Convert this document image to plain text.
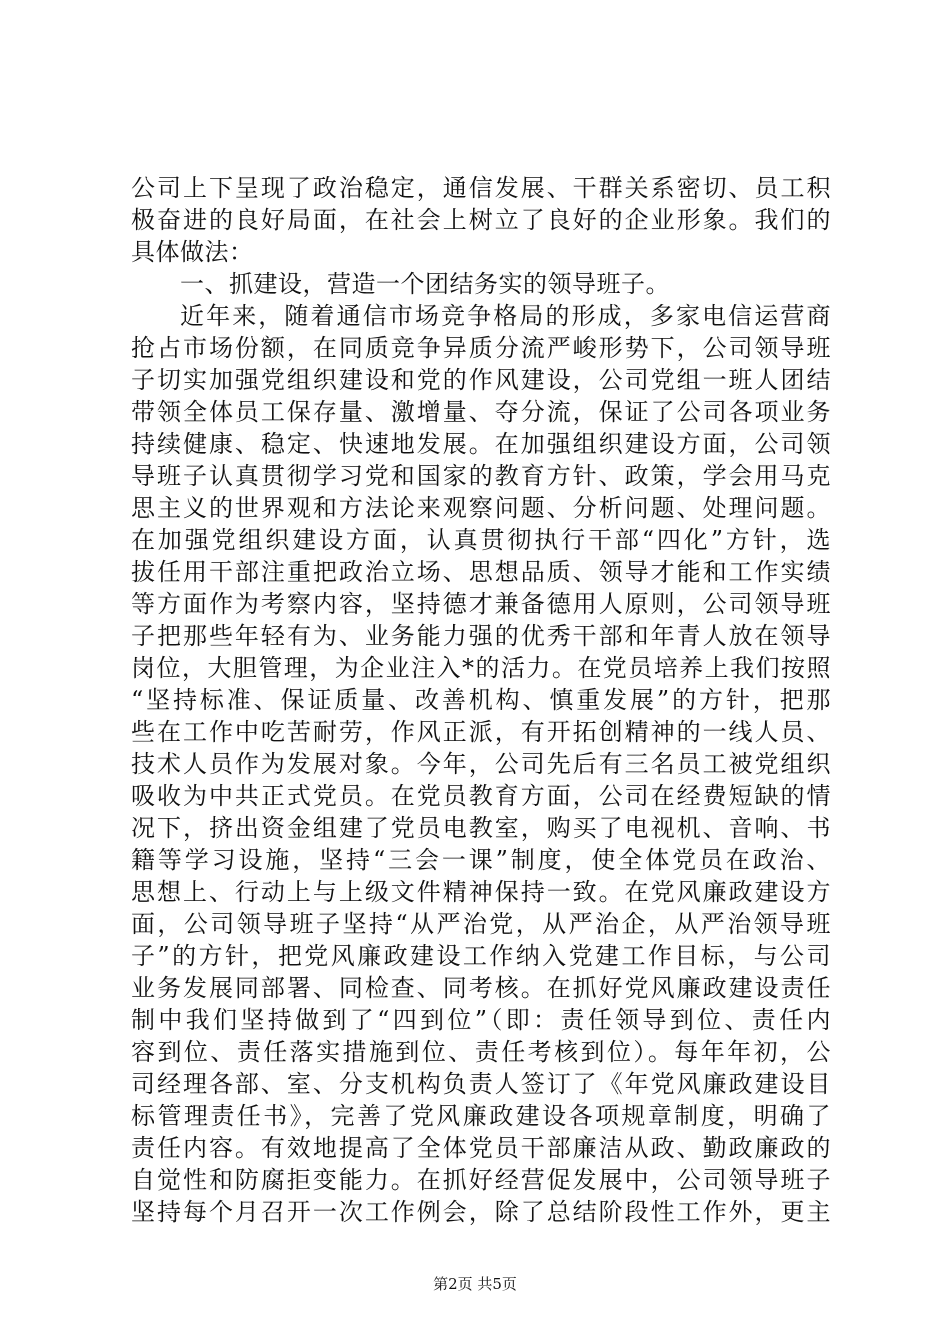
公司上下呈现了政治稳定，通信发展、干群关系密切、员工积
极奋进的良好局面，在社会上树立了良好的企业形象。我们的
具体做法：
一、抓建设，营造一个团结务实的领导班子。
近年来，随着通信市场竞争格局的形成，多家电信运营商
抢占市场份额，在同质竞争异质分流严峻形势下，公司领导班
子切实加强党组织建设和党的作风建设，公司党组一班人团结
带领全体员工保存量、激增量、夺分流，保证了公司各项业务
持续健康、稳定、快速地发展。在加强组织建设方面，公司领
导班子认真贯彻学习党和国家的教育方针、政策，学会用马克
思主义的世界观和方法论来观察问题、分析问题、处理问题。
在加强党组织建设方面，认真贯彻执行干部“四化”方针，选
拔任用干部注重把政治立场、思想品质、领导才能和工作实绩
等方面作为考察内容，坚持德才兼备德用人原则，公司领导班
子把那些年轻有为、业务能力强的优秀干部和年青人放在领导
岗位，大胆管理，为企业注入*的活力。在党员培养上我们按照
“坚持标准、保证质量、改善机构、慎重发展”的方针，把那
些在工作中吃苦耐劳，作风正派，有开拓创精神的一线人员、
技术人员作为发展对象。今年，公司先后有三名员工被党组织
吸收为中共正式党员。在党员教育方面，公司在经费短缺的情
况下，挤出资金组建了党员电教室，购买了电视机、音响、书
籍等学习设施，坚持“三会一课”制度，使全体党员在政治、
思想上、行动上与上级文件精神保持一致。在党风廉政建设方
面，公司领导班子坚持“从严治党，从严治企，从严治领导班
子”的方针，把党风廉政建设工作纳入党建工作目标，与公司
业务发展同部署、同检查、同考核。在抓好党风廉政建设责任
制中我们坚持做到了“四到位”（即：责任领导到位、责任内
容到位、责任落实措施到位、责任考核到位）。每年年初，公
司经理各部、室、分支机构负责人签订了《年党风廉政建设目
标管理责任书》，完善了党风廉政建设各项规章制度，明确了
责任内容。有效地提高了全体党员干部廉洁从政、勤政廉政的
自觉性和防腐拒变能力。在抓好经营促发展中，公司领导班子
坚持每个月召开一次工作例会，除了总结阶段性工作外，更主
第2页 共5页
